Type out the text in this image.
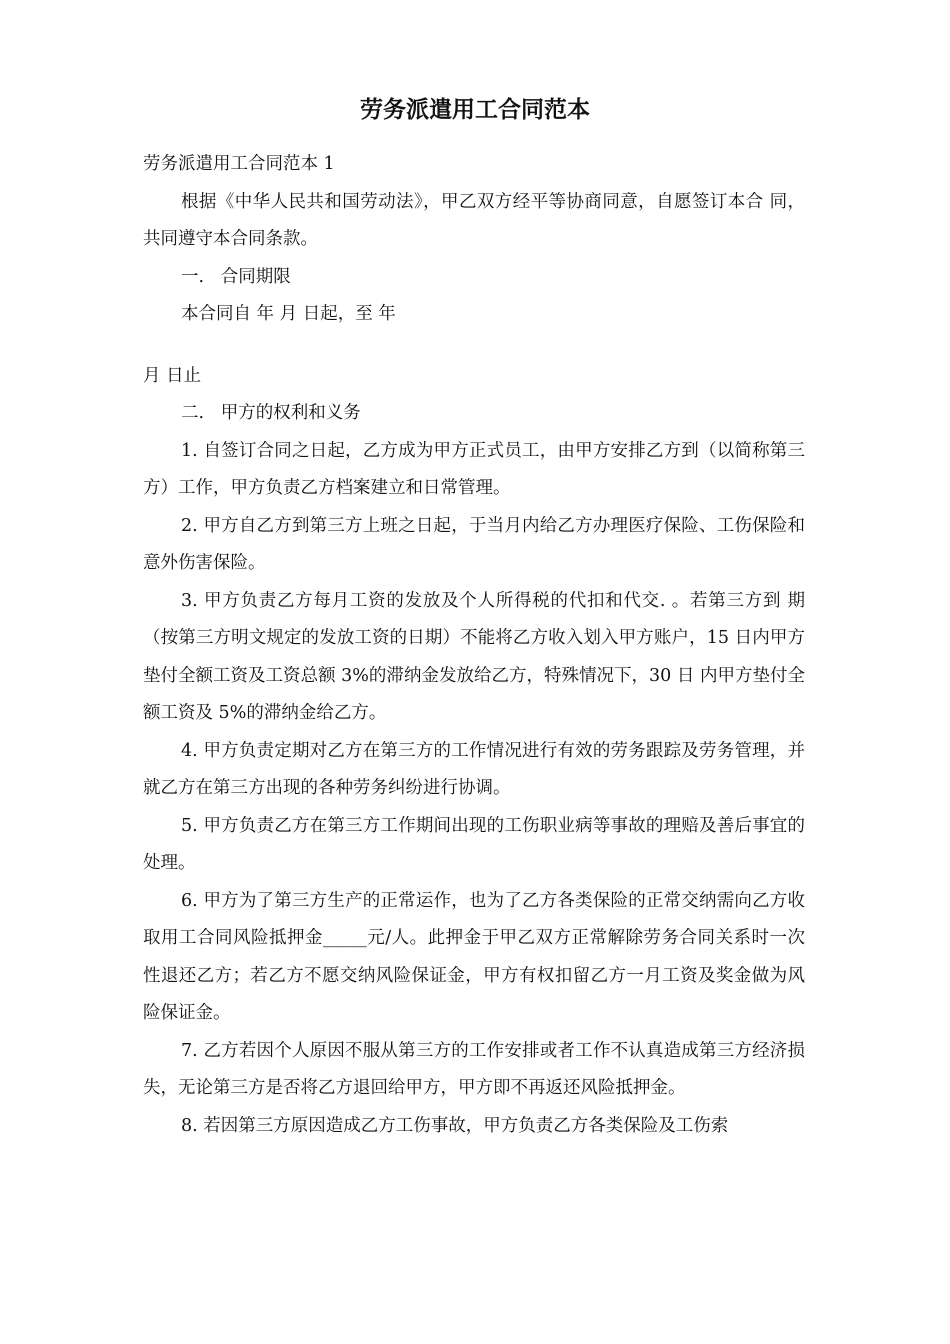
劳务派遣用工合同范本

劳务派遣用工合同范本 1

根据《中华人民共和国劳动法》，甲乙双方经平等协商同意，自愿签订本合 同，共同遵守本合同条款。

一.   合同期限

本合同自 年 月 日起，至 年

月 日止

二.   甲方的权利和义务

1. 自签订合同之日起，乙方成为甲方正式员工，由甲方安排乙方到（以简称第三方）工作，甲方负责乙方档案建立和日常管理。

2. 甲方自乙方到第三方上班之日起，于当月内给乙方办理医疗保险、工伤保险和意外伤害保险。

3. 甲方负责乙方每月工资的发放及个人所得税的代扣和代交. 。若第三方到 期（按第三方明文规定的发放工资的日期）不能将乙方收入划入甲方账户，15 日内甲方垫付全额工资及工资总额 3%的滞纳金发放给乙方，特殊情况下，30 日 内甲方垫付全额工资及 5%的滞纳金给乙方。

4. 甲方负责定期对乙方在第三方的工作情况进行有效的劳务跟踪及劳务管理，并就乙方在第三方出现的各种劳务纠纷进行协调。

5. 甲方负责乙方在第三方工作期间出现的工伤职业病等事故的理赔及善后事宜的处理。

6. 甲方为了第三方生产的正常运作，也为了乙方各类保险的正常交纳需向乙方收取用工合同风险抵押金_____元/人。此押金于甲乙双方正常解除劳务合同关系时一次性退还乙方；若乙方不愿交纳风险保证金，甲方有权扣留乙方一月工资及奖金做为风险保证金。

7. 乙方若因个人原因不服从第三方的工作安排或者工作不认真造成第三方经济损失，无论第三方是否将乙方退回给甲方，甲方即不再返还风险抵押金。

8. 若因第三方原因造成乙方工伤事故，甲方负责乙方各类保险及工伤索
